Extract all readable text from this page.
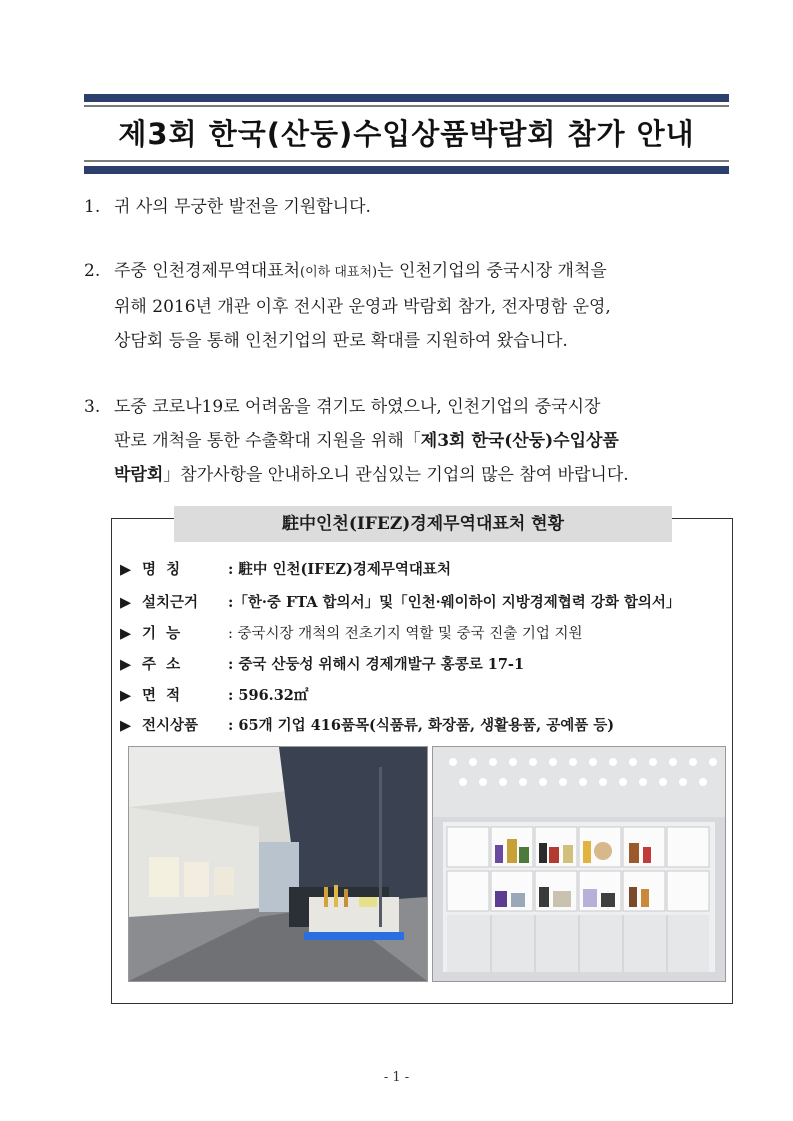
제3회 한국(산둥)수입상품박람회 참가 안내
1. 귀 사의 무궁한 발전을 기원합니다.
2. 주중 인천경제무역대표처(이하 대표처)는 인천기업의 중국시장 개척을
위해 2016년 개관 이후 전시관 운영과 박람회 참가, 전자명함 운영,
상담회 등을 통해 인천기업의 판로 확대를 지원하여 왔습니다.
3. 도중 코로나19로 어려움을 겪기도 하였으나, 인천기업의 중국시장
판로 개척을 통한 수출확대 지원을 위해「제3회 한국(산둥)수입상품
박람회」참가사항을 안내하오니 관심있는 기업의 많은 참여 바랍니다.
駐中인천(IFEZ)경제무역대표처 현황
▶ 명  칭	: 駐中 인천(IFEZ)경제무역대표처
▶ 설치근거 :「한·중 FTA 합의서」및「인천·웨이하이 지방경제협력 강화 합의서」
▶ 기  능	: 중국시장 개척의 전초기지 역할 및 중국 진출 기업 지원
▶ 주  소	: 중국 산둥성 위해시 경제개발구 홍콩로 17-1
▶ 면  적	: 596.32㎡
▶ 전시상품 : 65개 기업 416품목(식품류, 화장품, 생활용품, 공예품 등)
- 1 -
